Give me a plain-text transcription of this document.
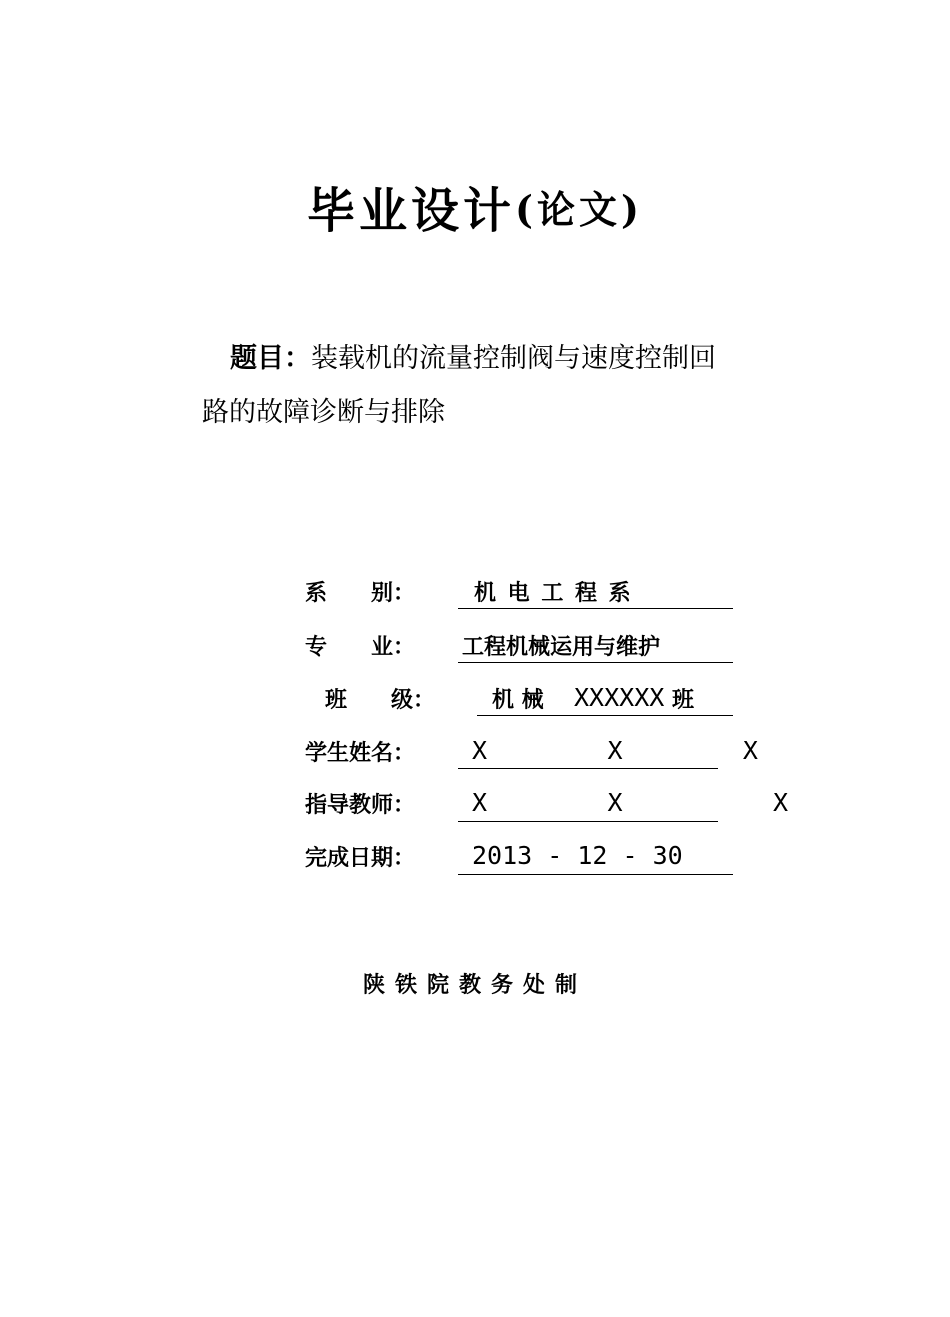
毕业设计(论文)
题目：装载机的流量控制阀与速度控制回路的故障诊断与排除
系　　别：	机 电 工 程 系
专　　业： 工程机械运用与维护
班　　级：	机 械 XXXXXX 班
学生姓名： X        X        X
指导教师： X        X          X
完成日期： 2013 - 12 - 30
陕铁院教务处制
